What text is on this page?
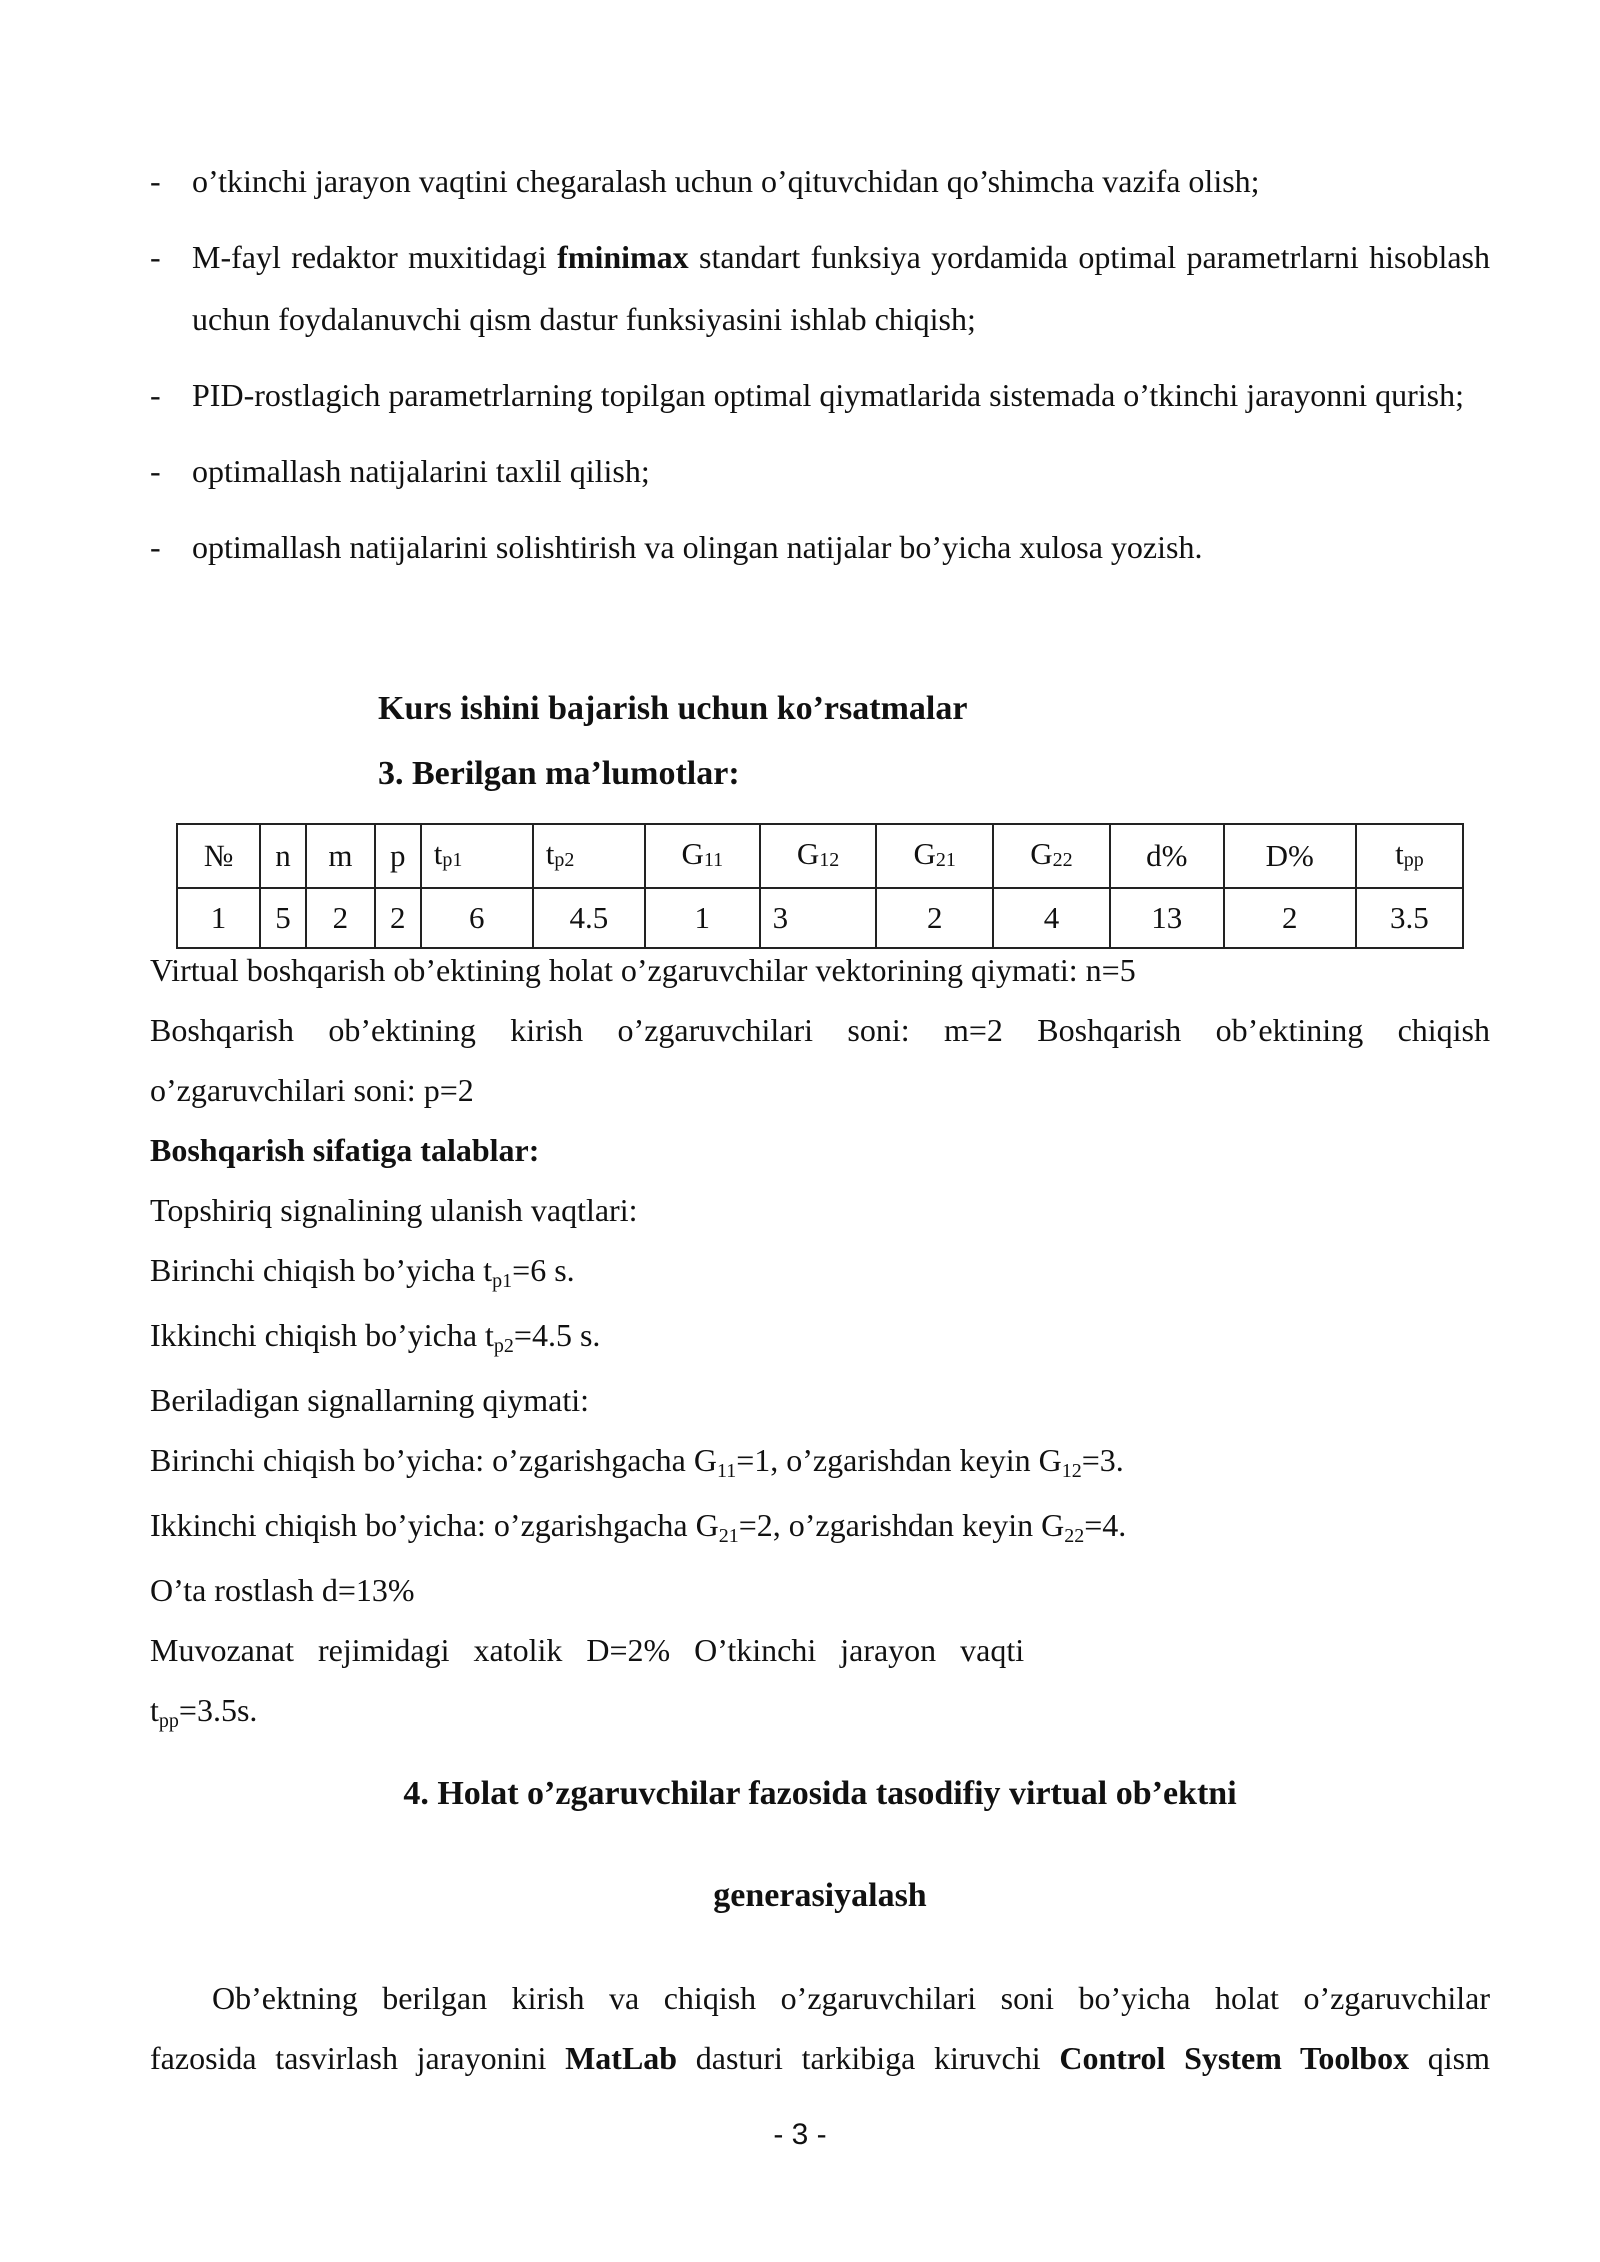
- o’tkinchi jarayon vaqtini chegaralash uchun o’qituvchidan qo’shimcha vazifa olish;
- M-fayl redaktor muxitidagi fminimax standart funksiya yordamida optimal parametrlarni hisoblash uchun foydalanuvchi qism dastur funksiyasini ishlab chiqish;
- PID-rostlagich parametrlarning topilgan optimal qiymatlarida sistemada o’tkinchi jarayonni qurish;
- optimallash natijalarini taxlil qilish;
- optimallash natijalarini solishtirish va olingan natijalar bo’yicha xulosa yozish.
Kurs ishini bajarish uchun ko’rsatmalar
3. Berilgan ma’lumotlar:
№	n	m	p	$t_{p1}$	$t_{p2}$	$G_{11}$	$G_{12}$	$G_{21}$	$G_{22}$	d%	D%	$t_{pp}$
1	5	2	2	6	4.5	1	3	2	4	13	2	3.5
Virtual boshqarish ob’ektining holat o’zgaruvchilar vektorining qiymati: n=5
Boshqarish ob’ektining kirish o’zgaruvchilari soni: m=2 Boshqarish ob’ektining chiqish
o’zgaruvchilari soni: p=2
Boshqarish sifatiga talablar:
Topshiriq signalining ulanish vaqtlari:
Birinchi chiqish bo’yicha $t_{p1}=6$ s.
Ikkinchi chiqish bo’yicha $t_{p2}=4.5$ s.
Beriladigan signallarning qiymati:
Birinchi chiqish bo’yicha: o’zgarishgacha $G_{11}=1$, o’zgarishdan keyin $G_{12}=3$.
Ikkinchi chiqish bo’yicha: o’zgarishgacha $G_{21}=2$, o’zgarishdan keyin $G_{22}=4$.
O’ta rostlash d=13%
Muvozanat rejimidagi xatolik D=2% O’tkinchi jarayon vaqti
$t_{pp}=3.5s$.
4. Holat o’zgaruvchilar fazosida tasodifiy virtual ob’ektni
generasiyalash
Ob’ektning berilgan kirish va chiqish o’zgaruvchilari soni bo’yicha holat o’zgaruvchilar
fazosida tasvirlash jarayonini MatLab dasturi tarkibiga kiruvchi Control System Toolbox qism
- 3 -
